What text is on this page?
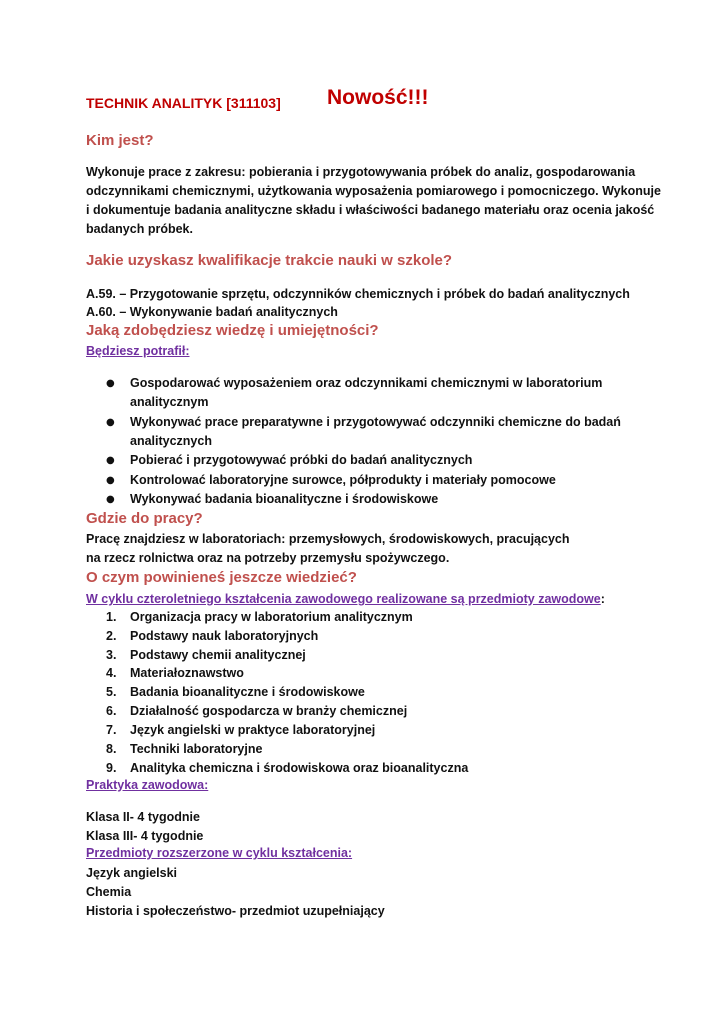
TECHNIK ANALITYK [311103] Nowość!!!

Kim jest?

Wykonuje prace z zakresu: pobierania i przygotowywania próbek do analiz, gospodarowania

odczynnikami chemicznymi, użytkowania wyposażenia pomiarowego i pomocniczego. Wykonuje

i dokumentuje badania analityczne składu i właściwości badanego materiału oraz ocenia jakość

badanych próbek.

Jakie uzyskasz kwalifikacje trakcie nauki w szkole?

A.59. – Przygotowanie sprzętu, odczynników chemicznych i próbek do badań analitycznych

A.60. – Wykonywanie badań analitycznych

Jaką zdobędziesz wiedzę i umiejętności?

Będziesz potrafił:

● Gospodarować wyposażeniem oraz odczynnikami chemicznymi w laboratorium

analitycznym

● Wykonywać prace preparatywne i przygotowywać odczynniki chemiczne do badań

analitycznych

● Pobierać i przygotowywać próbki do badań analitycznych

● Kontrolować laboratoryjne surowce, półprodukty i materiały pomocowe

● Wykonywać badania bioanalityczne i środowiskowe

Gdzie do pracy?

Pracę znajdziesz w laboratoriach: przemysłowych, środowiskowych, pracujących

na rzecz rolnictwa oraz na potrzeby przemysłu spożywczego.

O czym powinieneś jeszcze wiedzieć?

W cyklu czteroletniego kształcenia zawodowego realizowane są przedmioty zawodowe:

1.	Organizacja pracy w laboratorium analitycznym

2.	Podstawy nauk laboratoryjnych

3.	Podstawy chemii analitycznej

4.	Materiałoznawstwo

5.	Badania bioanalityczne i środowiskowe

6.	Działalność gospodarcza w branży chemicznej

7.	Język angielski w praktyce laboratoryjnej

8.	Techniki laboratoryjne

9.	Analityka chemiczna i środowiskowa oraz bioanalityczna

Praktyka zawodowa:

Klasa II- 4 tygodnie

Klasa III- 4 tygodnie

Przedmioty rozszerzone w cyklu kształcenia:

Język angielski

Chemia

Historia i społeczeństwo- przedmiot uzupełniający
